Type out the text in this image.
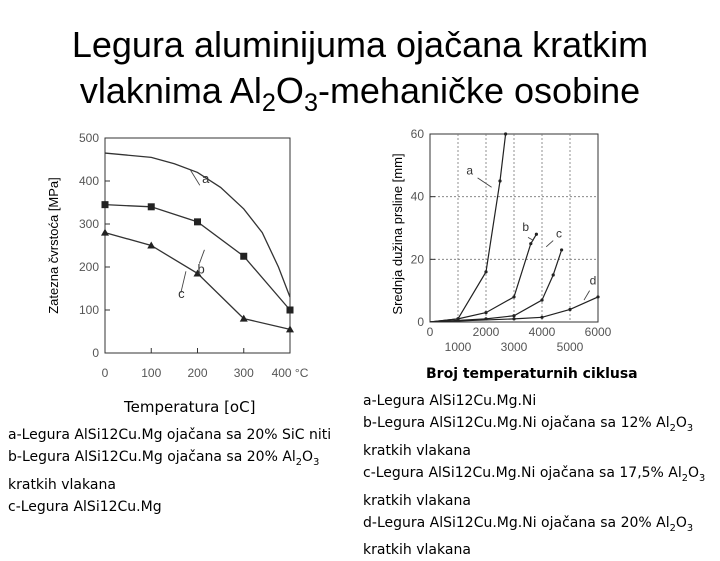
Legura aluminijuma ojačana kratkim
vlaknima $Al_2O_3$-mehaničke osobine
0
100
200
300
400
500
0	100 200 300 400 °C
Zatezna čvrstoća [MPa]	a
b
c
0
20
40
60
0	2000 4000 6000
1000 3000 5000
Srednja dužina prsline [mm]	a
b c
d
Broj temperaturnih ciklusa
Temperatura [oC]
a-Legura AlSi12Cu.Mg ojačana sa 20% SiC niti
b-Legura AlSi12Cu.Mg ojačana sa 20% $Al_2O_3$
kratkih vlakana
c-Legura AlSi12Cu.Mg
a-Legura AlSi12Cu.Mg.Ni
b-Legura AlSi12Cu.Mg.Ni ojačana sa 12% $Al_2O_3$
kratkih vlakana
c-Legura AlSi12Cu.Mg.Ni ojačana sa 17,5% $Al_2O_3$
kratkih vlakana
d-Legura AlSi12Cu.Mg.Ni ojačana sa 20% $Al_2O_3$
kratkih vlakana
